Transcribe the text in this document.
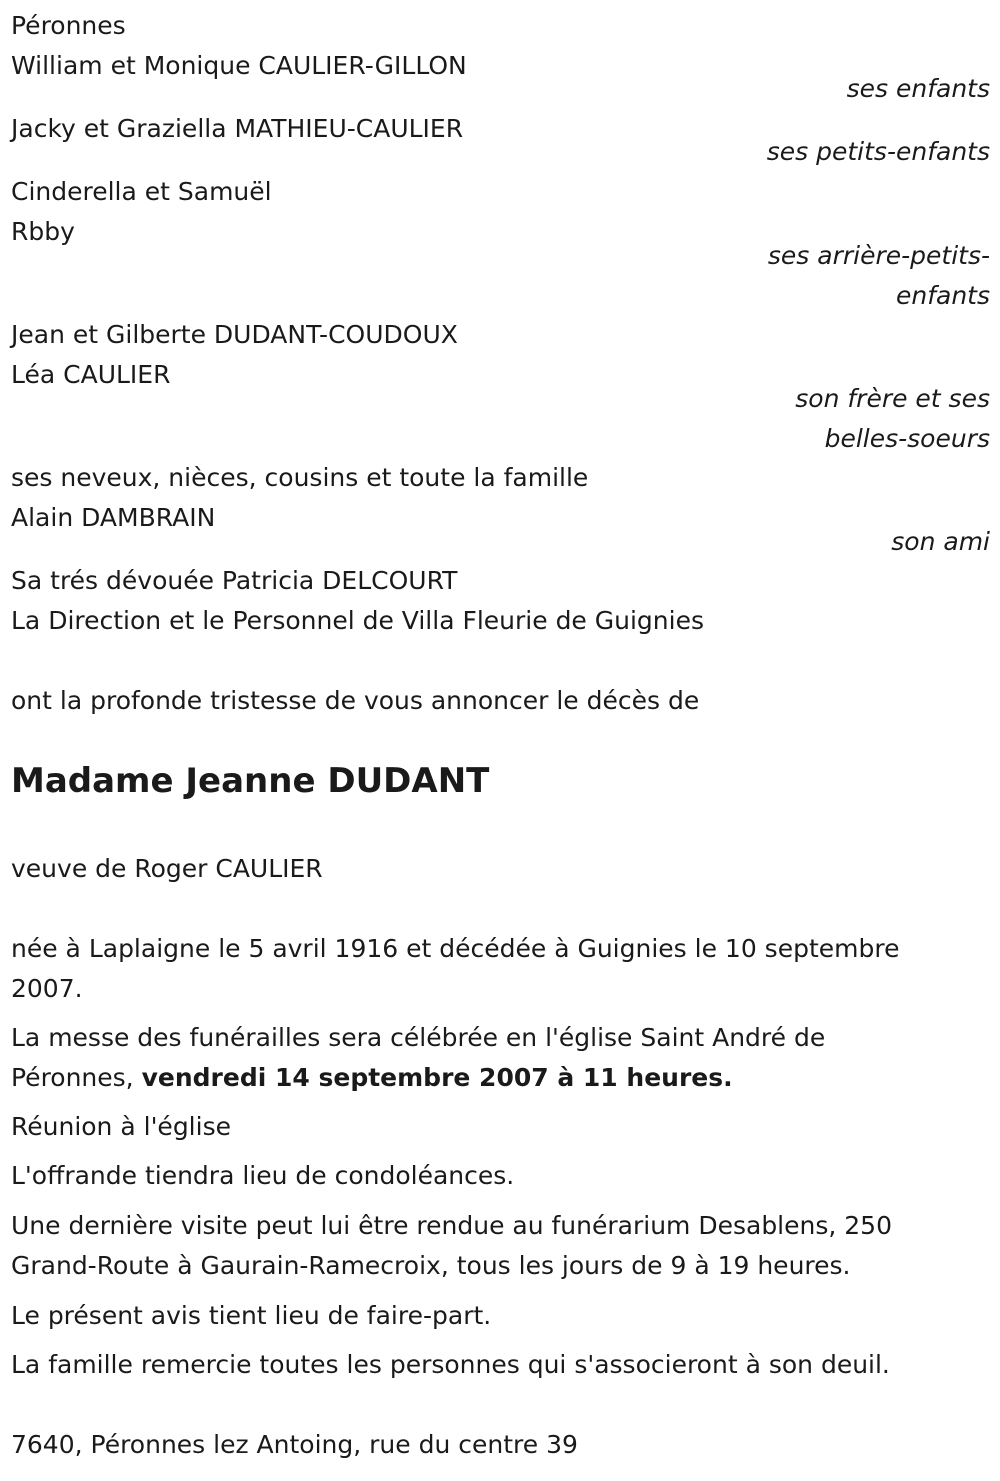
Péronnes
William et Monique CAULIER-GILLON
ses enfants
Jacky et Graziella MATHIEU-CAULIER
ses petits-enfants
Cinderella et Samuël
Rbby
ses arrière-petits-
enfants
Jean et Gilberte DUDANT-COUDOUX
Léa CAULIER
son frère et ses
belles-soeurs
ses neveux, nièces, cousins et toute la famille
Alain DAMBRAIN
son ami
Sa trés dévouée Patricia DELCOURT
La Direction et le Personnel de Villa Fleurie de Guignies
ont la profonde tristesse de vous annoncer le décès de
Madame Jeanne DUDANT
veuve de Roger CAULIER
née à Laplaigne le 5 avril 1916 et décédée à Guignies le 10 septembre
2007.
La messe des funérailles sera célébrée en l'église Saint André de
Péronnes, vendredi 14 septembre 2007 à 11 heures.
Réunion à l'église
L'offrande tiendra lieu de condoléances.
Une dernière visite peut lui être rendue au funérarium Desablens, 250
Grand-Route à Gaurain-Ramecroix, tous les jours de 9 à 19 heures.
Le présent avis tient lieu de faire-part.
La famille remercie toutes les personnes qui s'associeront à son deuil.
7640, Péronnes lez Antoing, rue du centre 39
